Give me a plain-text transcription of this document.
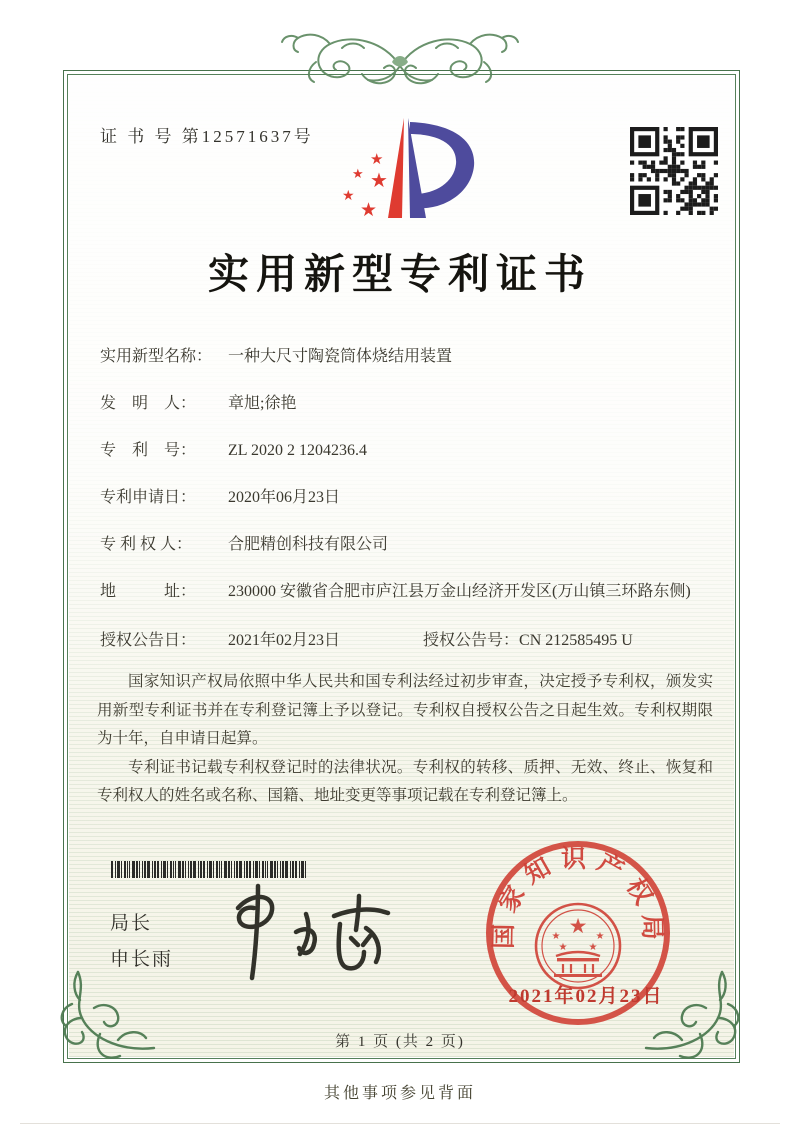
证 书 号 第12571637号
★
★ ★
★
★
实用新型专利证书
实用新型名称： 一种大尺寸陶瓷筒体烧结用装置
发　明　人：	章旭;徐艳
专　利　号：	ZL 2020 2 1204236.4
专利申请日：	2020年06月23日
专 利 权 人：	合肥精创科技有限公司
地　　　址：	230000 安徽省合肥市庐江县万金山经济开发区(万山镇三环路东侧)
授权公告日：	2021年02月23日	授权公告号： CN 212585495 U

国家知识产权局依照中华人民共和国专利法经过初步审查，决定授予专利权，颁发实用新型专利证书并在专利登记簿上予以登记。专利权自授权公告之日起生效。专利权期限为十年，自申请日起算。

专利证书记载专利权登记时的法律状况。专利权的转移、质押、无效、终止、恢复和专利权人的姓名或名称、国籍、地址变更等事项记载在专利登记簿上。

局长
申长雨
国家知识产权局
★
★	★
★ ★
2021年02月23日
第 1 页 (共 2 页)
其他事项参见背面
